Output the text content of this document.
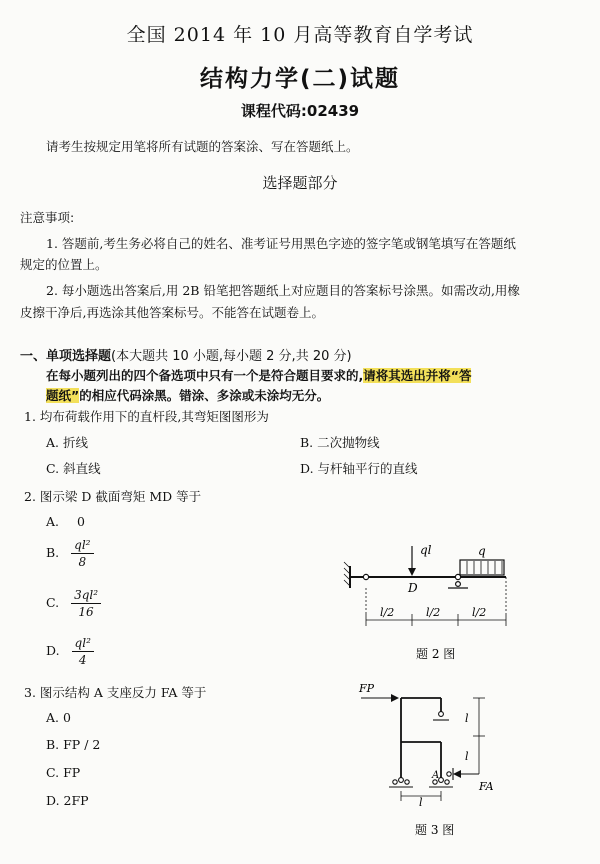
全国 2014 年 10 月高等教育自学考试
结构力学(二)试题
课程代码:02439
请考生按规定用笔将所有试题的答案涂、写在答题纸上。
选择题部分
注意事项:
1. 答题前,考生务必将自己的姓名、准考证号用黑色字迹的签字笔或钢笔填写在答题纸
规定的位置上。
2. 每小题选出答案后,用 2B 铅笔把答题纸上对应题目的答案标号涂黑。如需改动,用橡
皮擦干净后,再选涂其他答案标号。不能答在试题卷上。
一、单项选择题(本大题共 10 小题,每小题 2 分,共 20 分)
在每小题列出的四个备选项中只有一个是符合题目要求的,请将其选出并将“答
题纸”的相应代码涂黑。错涂、多涂或未涂均无分。
1. 均布荷载作用下的直杆段,其弯矩图图形为
A. 折线	B. 二次抛物线
C. 斜直线	D. 与杆轴平行的直线
2. 图示梁 D 截面弯矩 MD 等于
A. 0
B. $\frac{\text{ql²}}{8}$
C. $\frac{\text{3ql²}}{16}$
D. $\frac{\text{ql²}}{4}$
ql	q
D
l/2	l/2	l/2
题 2 图
3. 图示结构 A 支座反力 FA 等于
A. 0
B. FP / 2
C. FP
D. 2FP
FP
FA
A
l
l
l
题 3 图
